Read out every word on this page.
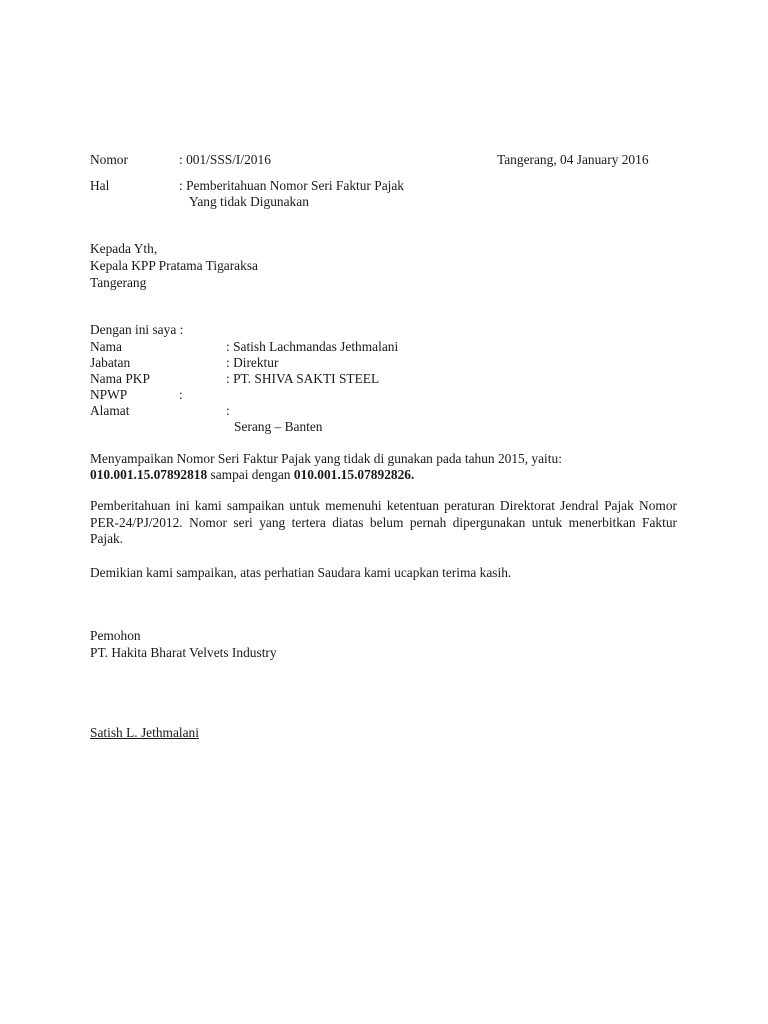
Nomor	: 001/SSS/I/2016	Tangerang, 04 January 2016
Hal	: Pemberitahuan Nomor Seri Faktur Pajak
Yang tidak Digunakan
Kepada Yth,
Kepala KPP Pratama Tigaraksa
Tangerang
Dengan ini saya :
Nama	: Satish Lachmandas Jethmalani
Jabatan	: Direktur
Nama PKP	: PT. SHIVA SAKTI STEEL
NPWP	:
Alamat	:
Serang – Banten
Menyampaikan Nomor Seri Faktur Pajak yang tidak di gunakan pada tahun 2015, yaitu:
010.001.15.07892818 sampai dengan 010.001.15.07892826.
Pemberitahuan ini kami sampaikan untuk memenuhi ketentuan peraturan Direktorat Jendral Pajak Nomor PER-24/PJ/2012. Nomor seri yang tertera diatas belum pernah dipergunakan untuk menerbitkan Faktur Pajak.
Demikian kami sampaikan, atas perhatian Saudara kami ucapkan terima kasih.
Pemohon
PT. Hakita Bharat Velvets Industry
Satish L. Jethmalani
